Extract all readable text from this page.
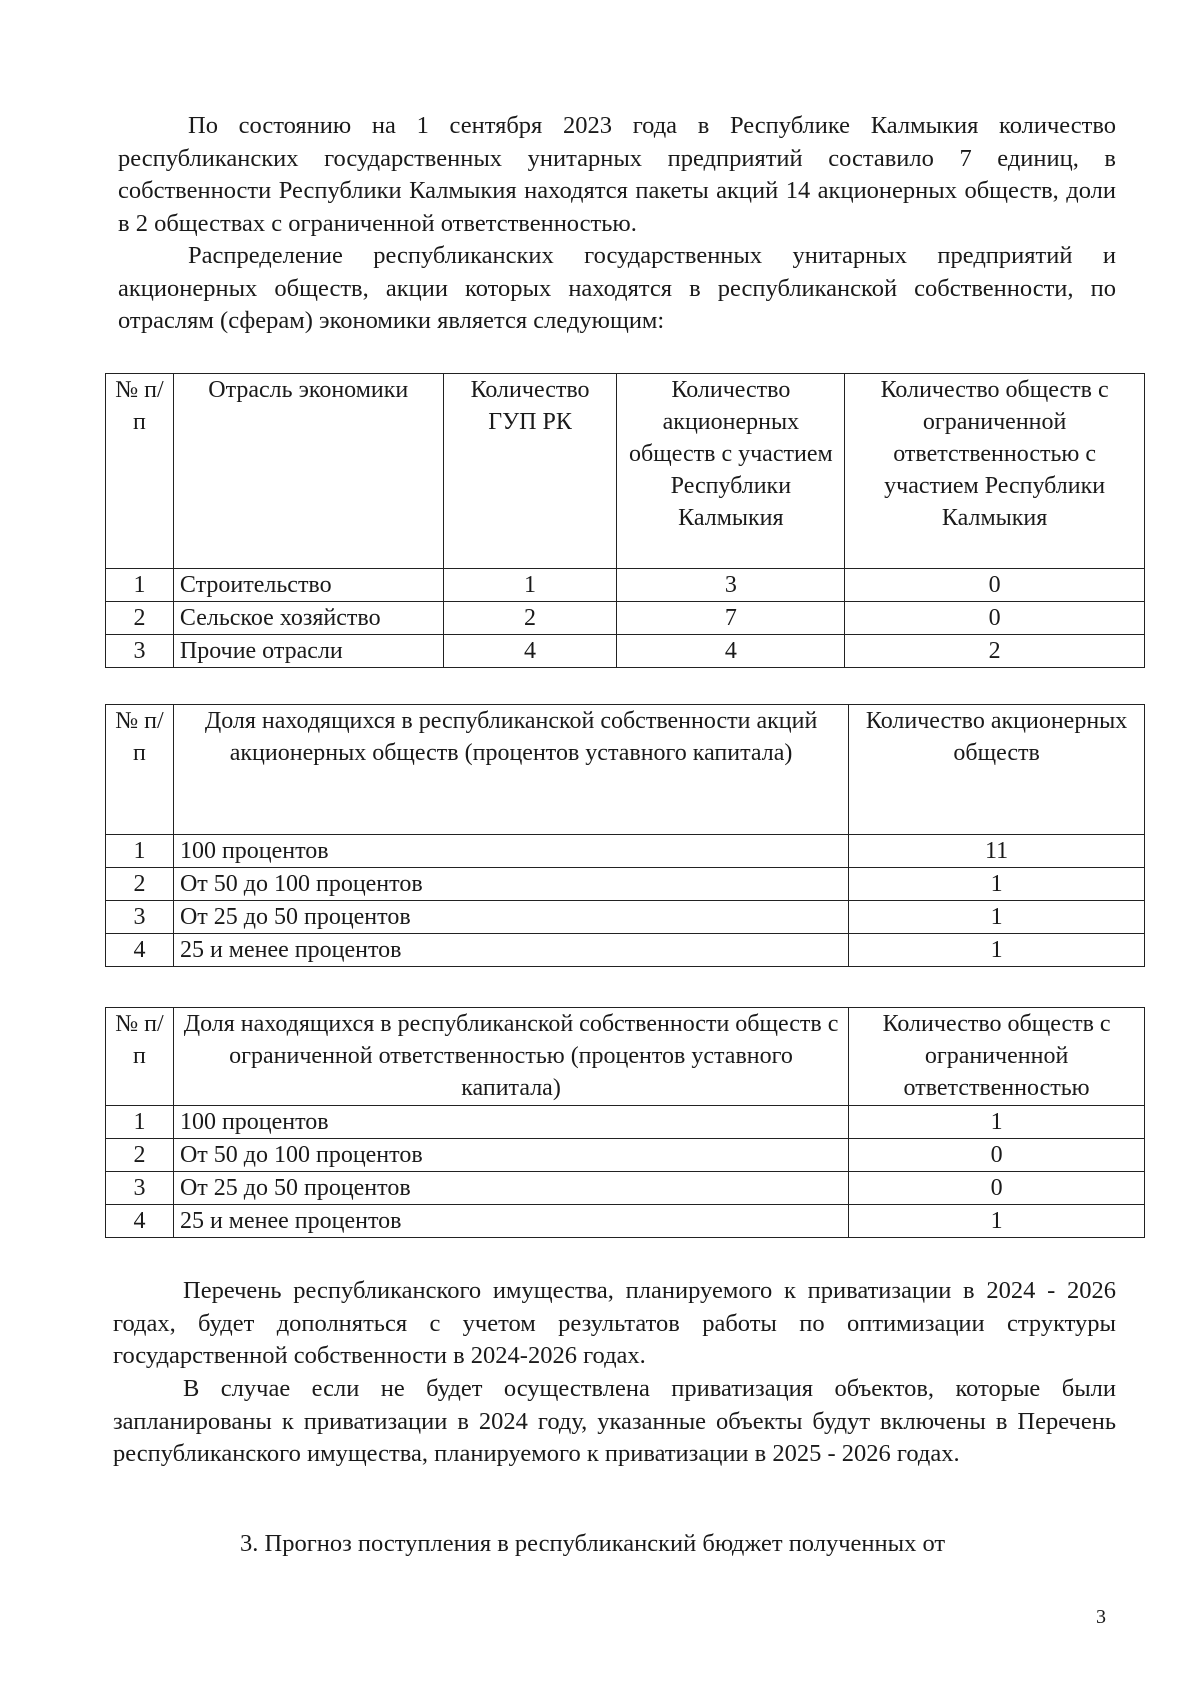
По состоянию на 1 сентября 2023 года в Республике Калмыкия количество республиканских государственных унитарных предприятий составило 7 единиц, в собственности Республики Калмыкия находятся пакеты акций 14 акционерных обществ, доли в 2 обществах с ограниченной ответственностью.

Распределение республиканских государственных унитарных предприятий и акционерных обществ, акции которых находятся в республиканской собственности, по отраслям (сферам) экономики является следующим:

№ п/п	Отрасль экономики	Количество ГУП РК	Количество акционерных обществ с участием Республики Калмыкия	Количество обществ с ограниченной ответственностью с участием Республики Калмыкия
1	Строительство	1	3	0
2	Сельское хозяйство	2	7	0
3	Прочие отрасли	4	4	2
№ п/п	Доля находящихся в республиканской собственности акций акционерных обществ (процентов уставного капитала)	Количество акционерных обществ
1	100 процентов	11
2	От 50 до 100 процентов	1
3	От 25 до 50 процентов	1
4	25 и менее процентов	1
№ п/п	Доля находящихся в республиканской собственности обществ с ограниченной ответственностью (процентов уставного капитала)	Количество обществ с ограниченной ответственностью
1	100 процентов	1
2	От 50 до 100 процентов	0
3	От 25 до 50 процентов	0
4	25 и менее процентов	1

Перечень республиканского имущества, планируемого к приватизации в 2024 - 2026 годах, будет дополняться с учетом результатов работы по оптимизации структуры государственной собственности в 2024-2026 годах.

В случае если не будет осуществлена приватизация объектов, которые были запланированы к приватизации в 2024 году, указанные объекты будут включены в Перечень республиканского имущества, планируемого к приватизации в 2025 - 2026 годах.

3. Прогноз поступления в республиканский бюджет полученных от

3
